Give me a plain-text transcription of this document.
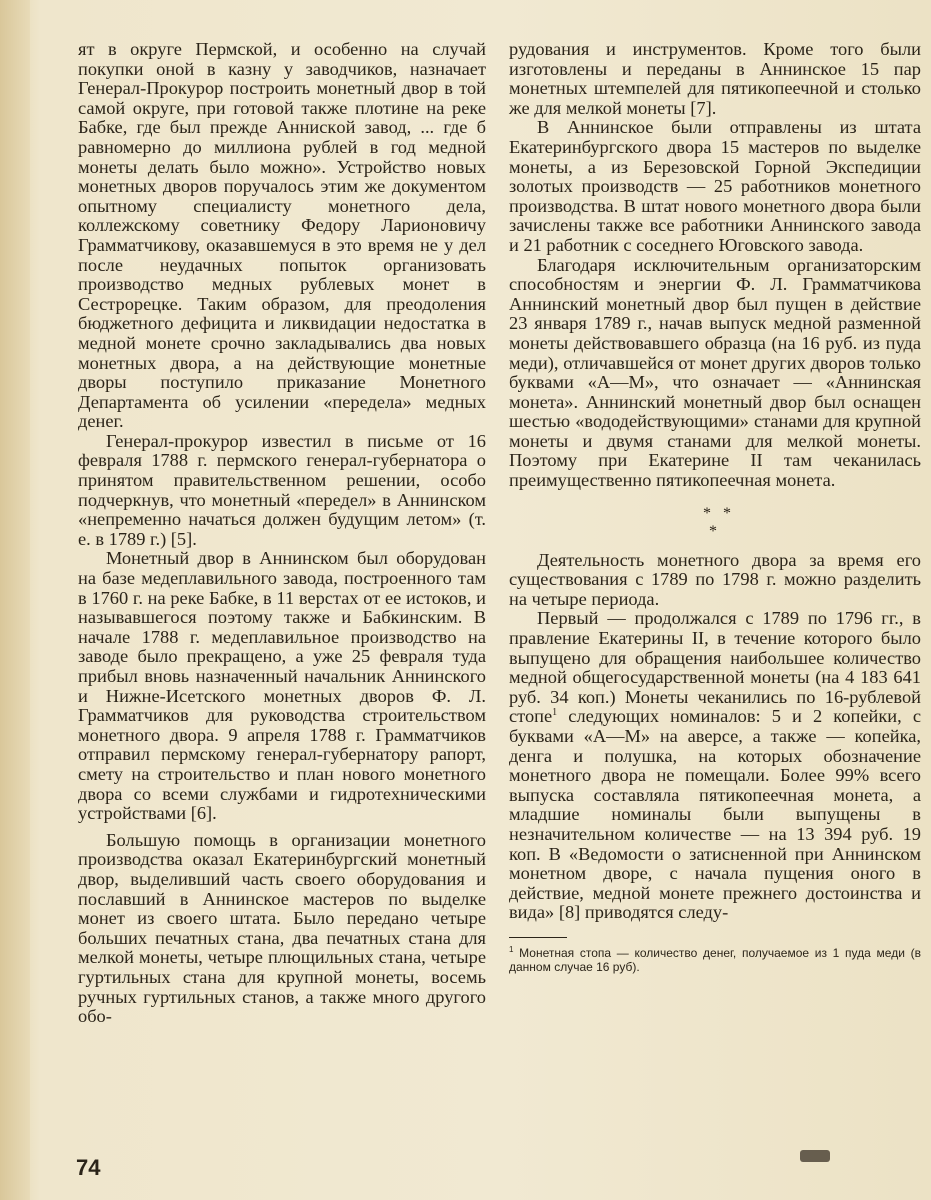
ят в округе Пермской, и особенно на случай покупки оной в казну у заводчиков, назначает Генерал-Прокурор построить монетный двор в той самой округе, при готовой также плотине на реке Бабке, где был прежде Аннискoй завод, ... где б равномерно до миллиона рублей в год медной монеты делать было можно». Устройство новых монетных дворов поручалось этим же документом опытному специалисту монетного дела, коллежскому советнику Федору Ларионовичу Грамматчикову, оказавшемуся в это время не у дел после неудачных попыток организовать производство медных рублевых монет в Сестрорецке. Таким образом, для преодоления бюджетного дефицита и ликвидации недостатка в медной монете срочно закладывались два новых монетных двора, а на действующие монетные дворы поступило приказание Монетного Департамента об усилении «передела» медных денег.

Генерал-прокурор известил в письме от 16 февраля 1788 г. пермского генерал-губернатора о принятом правительственном решении, особо подчеркнув, что монетный «передел» в Аннинском «непременно начаться должен будущим летом» (т. е. в 1789 г.) [5].

Монетный двор в Аннинском был оборудован на базе медеплавильного завода, построенного там в 1760 г. на реке Бабке, в 11 верстах от ее истоков, и называвшегося поэтому также и Бабкинским. В начале 1788 г. медеплавильное производство на заводе было прекращено, а уже 25 февраля туда прибыл вновь назначенный начальник Аннинского и Нижне-Исетского монетных дворов Ф. Л. Грамматчиков для руководства строительством монетного двора. 9 апреля 1788 г. Грамматчиков отправил пермскому генерал-губернатору рапорт, смету на строительство и план нового монетного двора со всеми службами и гидротехническими устройствами [6].

Большую помощь в организации монетного производства оказал Екатеринбургский монетный двор, выделивший часть своего оборудования и пославший в Аннинское мастеров по выделке монет из своего штата. Было передано четыре больших печатных стана, два печатных стана для мелкой монеты, четыре плющильных стана, четыре гуртильных стана для крупной монеты, восемь ручных гуртильных станов, а также много другого обо-

рудования и инструментов. Кроме того были изготовлены и переданы в Аннинское 15 пар монетных штемпелей для пятикопеечной и столько же для мелкой монеты [7].

В Аннинское были отправлены из штата Екатеринбургского двора 15 мастеров по выделке монеты, а из Березовской Горной Экспедиции золотых производств — 25 работников монетного производства. В штат нового монетного двора были зачислены также все работники Аннинского завода и 21 работник с соседнего Юговского завода.

Благодаря исключительным организаторским способностям и энергии Ф. Л. Грамматчикова Аннинский монетный двор был пущен в действие 23 января 1789 г., начав выпуск медной разменной монеты действовавшего образца (на 16 руб. из пуда меди), отличавшейся от монет других дворов только буквами «А—М», что означает — «Аннинская монета». Аннинский монетный двор был оснащен шестью «вододействующими» станами для крупной монеты и двумя станами для мелкой монеты. Поэтому при Екатерине II там чеканилась преимущественно пятикопеечная монета.

* *
*

Деятельность монетного двора за время его существования с 1789 по 1798 г. можно разделить на четыре периода.

Первый — продолжался с 1789 по 1796 гг., в правление Екатерины II, в течение которого было выпущено для обращения наибольшее количество медной общегосударственной монеты (на 4 183 641 руб. 34 коп.) Монеты чеканились по 16-рублевой стопе$^1$ следующих номиналов: 5 и 2 копейки, с буквами «А—М» на аверсе, а также — копейка, денга и полушка, на которых обозначение монетного двора не помещали. Более 99% всего выпуска составляла пятикопеечная монета, а младшие номиналы были выпущены в незначительном количестве — на 13 394 руб. 19 коп. В «Ведомости о затисненной при Аннинском монетном дворе, с начала пущения оного в действие, медной монете прежнего достоинства и вида» [8] приводятся следу-

$^1$ Монетная стопа — количество денег, получаемое из 1 пуда меди (в данном случае 16 руб).
74
